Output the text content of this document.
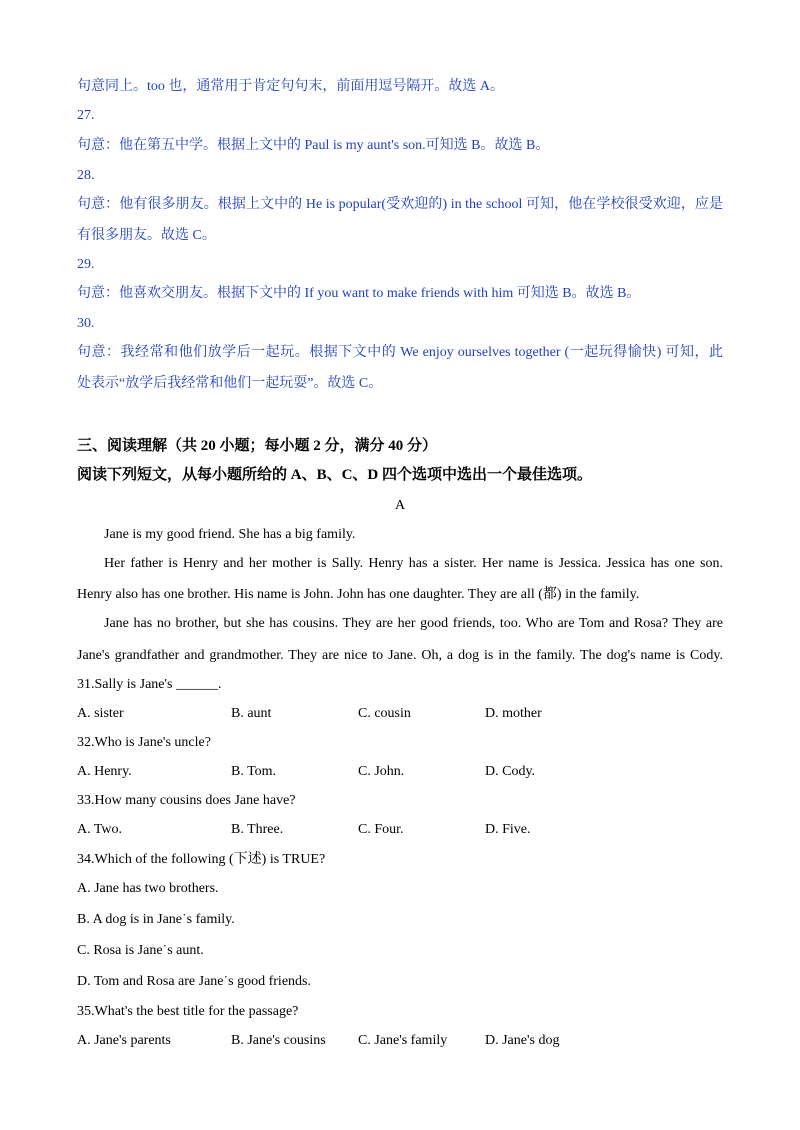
句意同上。too 也，通常用于肯定句句末，前面用逗号隔开。故选 A。
27.
句意：他在第五中学。根据上文中的 Paul is my aunt's son.可知选 B。故选 B。
28.
句意：他有很多朋友。根据上文中的 He is popular(受欢迎的) in the school 可知，他在学校很受欢迎，应是
有很多朋友。故选 C。
29.
句意：他喜欢交朋友。根据下文中的 If you want to make friends with him 可知选 B。故选 B。
30.
句意：我经常和他们放学后一起玩。根据下文中的 We enjoy ourselves together (一起玩得愉快) 可知，此
处表示“放学后我经常和他们一起玩耍”。故选 C。
三、阅读理解（共 20 小题；每小题 2 分，满分 40 分）
阅读下列短文，从每小题所给的 A、B、C、D 四个选项中选出一个最佳选项。
A
Jane is my good friend. She has a big family.
Her father is Henry and her mother is Sally. Henry has a sister. Her name is Jessica. Jessica has one son.
Henry also has one brother. His name is John. John has one daughter. They are all (都) in the family.
Jane has no brother, but she has cousins. They are her good friends, too. Who are Tom and Rosa? They are
Jane's grandfather and grandmother. They are nice to Jane. Oh, a dog is in the family. The dog's name is Cody.
31.Sally is Jane's ______.
A. sister	B. aunt	C. cousin	D. mother
32.Who is Jane's uncle?
A. Henry.	B. Tom.	C. John.	D. Cody.
33.How many cousins does Jane have?
A. Two.	B. Three.	C. Four.	D. Five.
34.Which of the following (下述) is TRUE?
A. Jane has two brothers.
B. A dog is in Jane˙s family.
C. Rosa is Jane˙s aunt.
D. Tom and Rosa are Jane˙s good friends.
35.What's the best title for the passage?
A. Jane's parents	B. Jane's cousins C. Jane's family	D. Jane's dog
